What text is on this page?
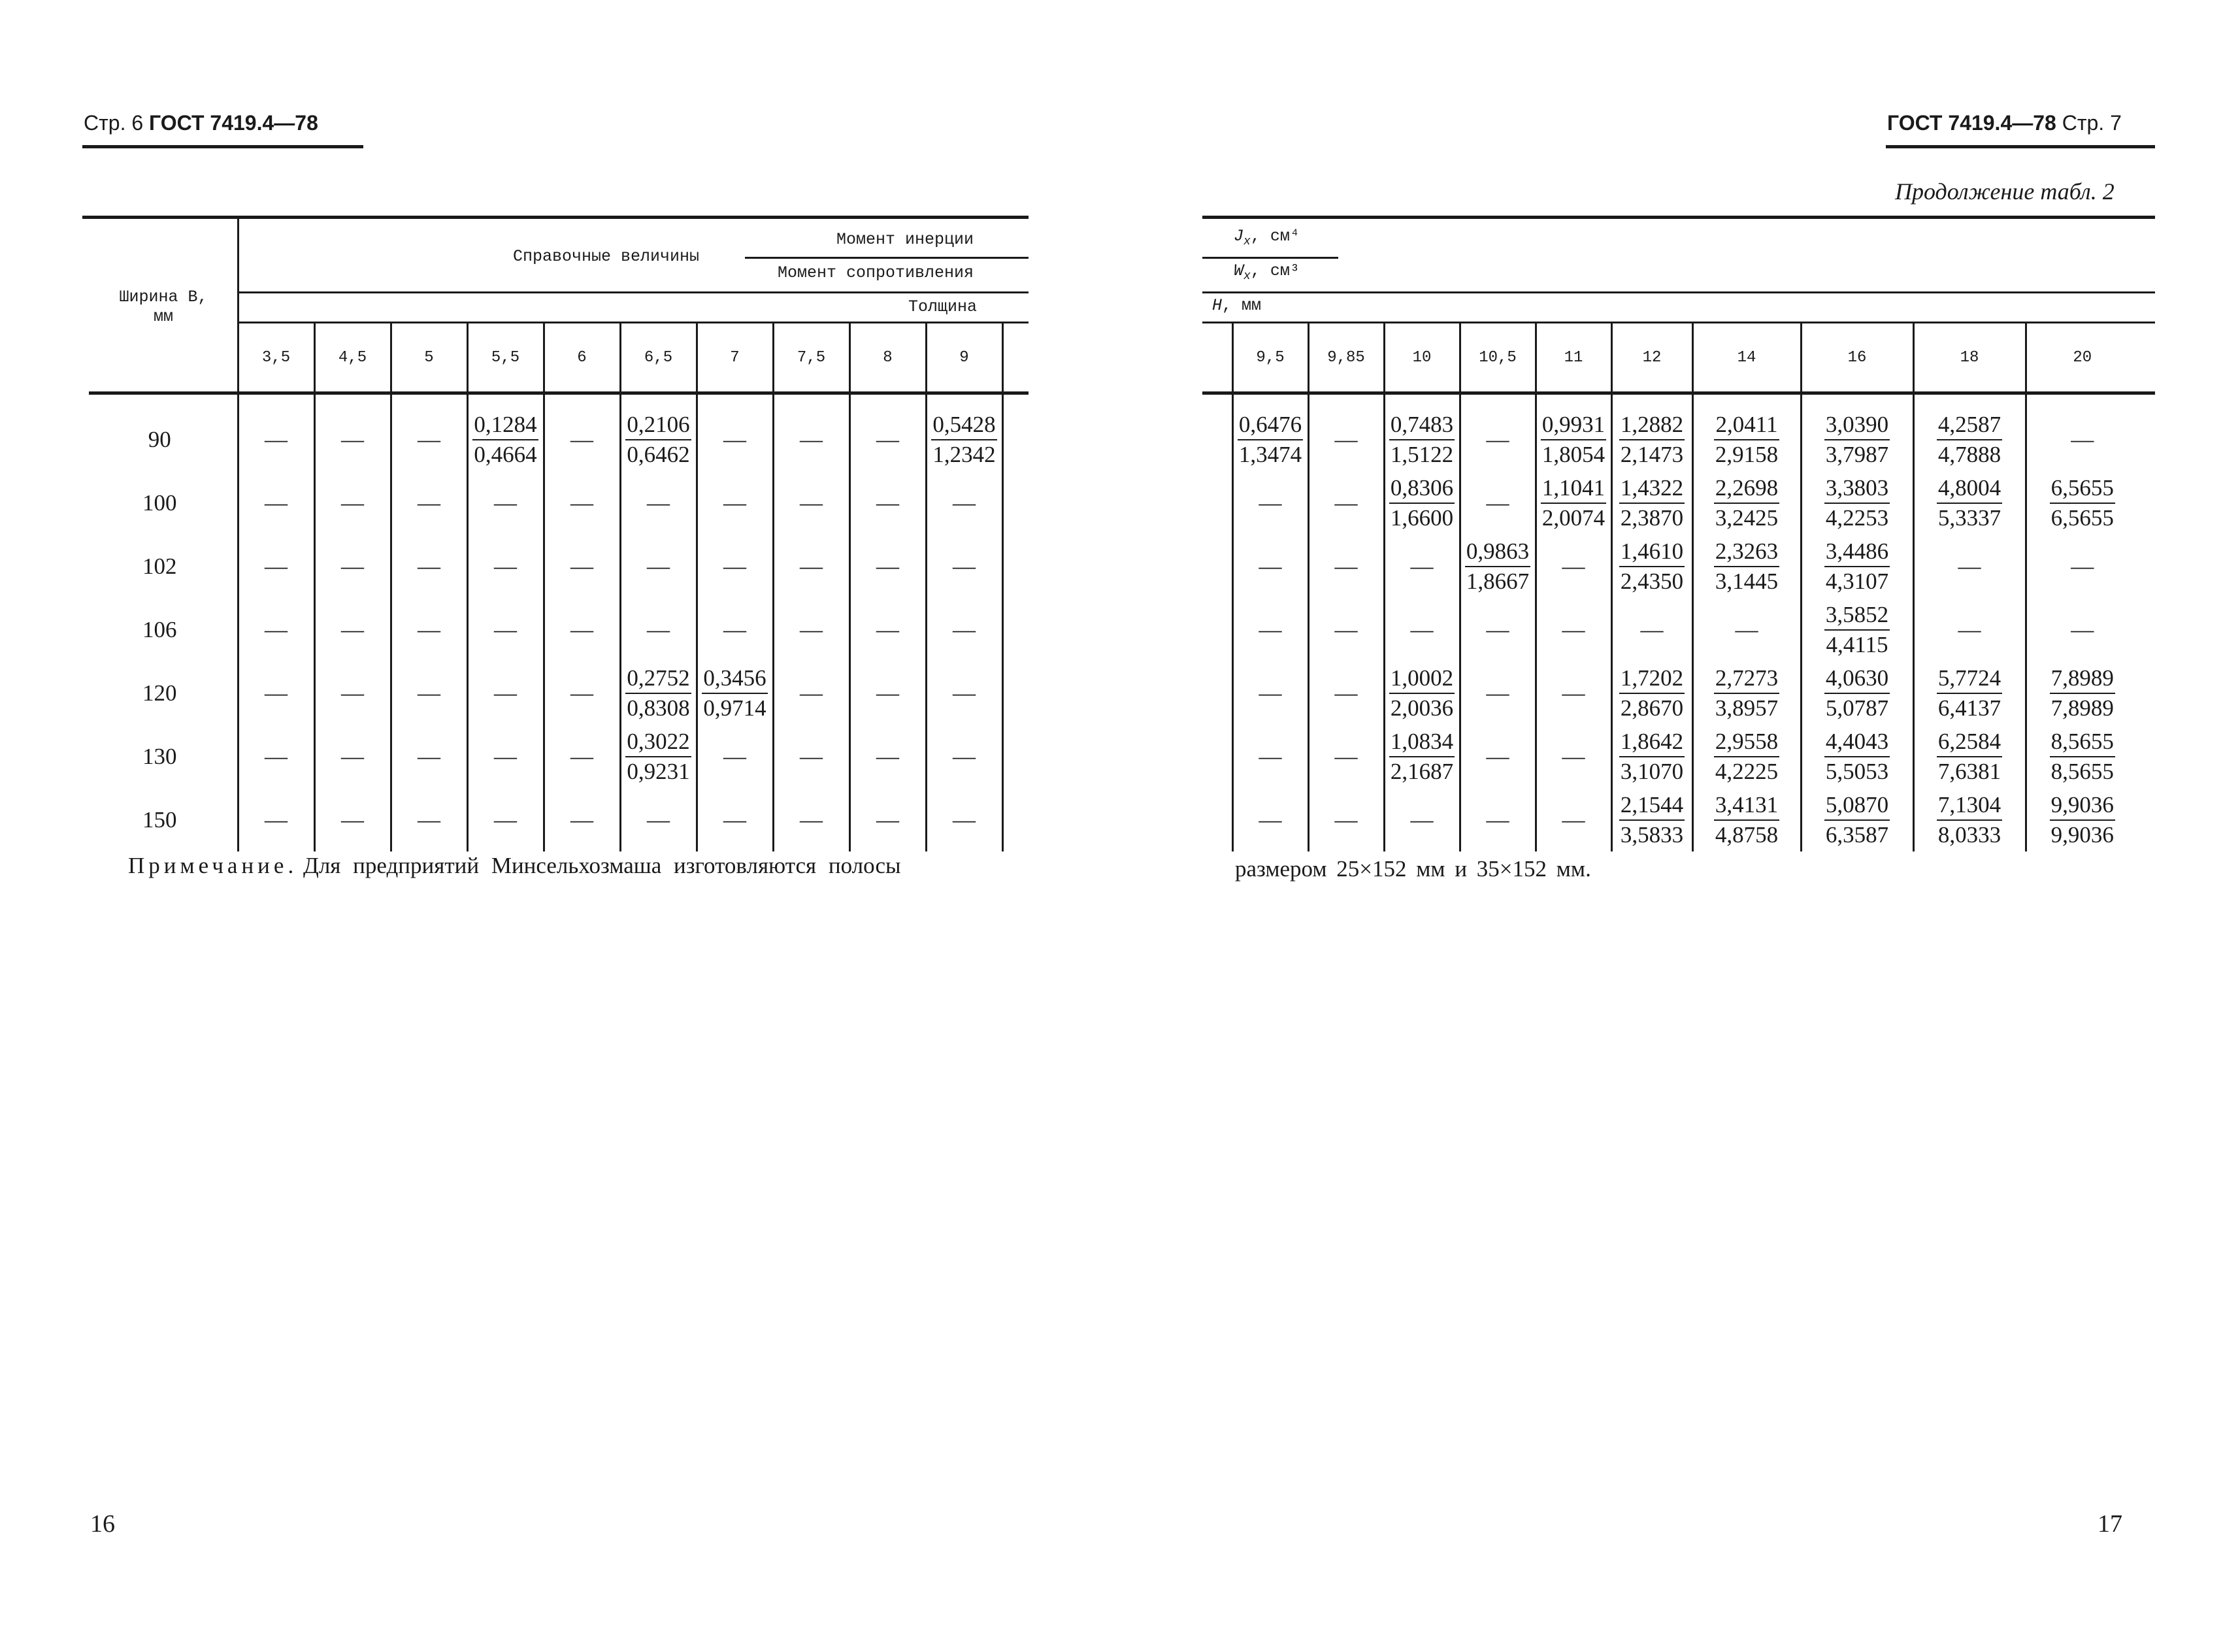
Стр. 6 ГОСТ 7419.4—78
Ширина В,
мм
Справочные величины
Момент инерции
Момент сопротивления
Толщина
	3,5	4,5	5	5,5	6	6,5	7	7,5	8	9	

90	—	—	—	$\frac{0,1284}{0,4664}$	—	$\frac{0,2106}{0,6462}$	—	—	—	$\frac{0,5428}{1,2342}$

100	—	—	—	—	—	—	—	—	—	—	

102	—	—	—	—	—	—	—	—	—	—	

106	—	—	—	—	—	—	—	—	—	—	

120	—	—	—	—	—	$\frac{0,2752}{0,8308}$	$\frac{0,3456}{0,9714}$	—	—	—	

130	—	—	—	—	—	$\frac{0,3022}{0,9231}$	—	—	—	—	

150	—	—	—	—	—	—	—	—	—	—	

Примечание. Для предприятий Минсельхозмаша изготовляются полосы
16
ГОСТ 7419.4—78 Стр. 7
Продолжение табл. 2
$J_x$, см⁴
$W_x$, см³
H, мм
	9,5	9,85	10	10,5	11	12	14	16	18	20	

	$\frac{0,6476}{1,3474}$	—	$\frac{0,7483}{1,5122}$	—	$\frac{0,9931}{1,8054}$	$\frac{1,2882}{2,1473}$	$\frac{2,0411}{2,9158}$	$\frac{3,0390}{3,7987}$	$\frac{4,2587}{4,7888}$	—	

	—	—	$\frac{0,8306}{1,6600}$	—	$\frac{1,1041}{2,0074}$	$\frac{1,4322}{2,3870}$	$\frac{2,2698}{3,2425}$	$\frac{3,3803}{4,2253}$	$\frac{4,8004}{5,3337}$	$\frac{6,5655}{6,5655}$

	—	—	—	$\frac{0,9863}{1,8667}$	—	$\frac{1,4610}{2,4350}$	$\frac{2,3263}{3,1445}$	$\frac{3,4486}{4,3107}$	—	—	

	—	—	—	—	—	—	—	$\frac{3,5852}{4,4115}$	—	—	

	—	—	$\frac{1,0002}{2,0036}$	—	—	$\frac{1,7202}{2,8670}$	$\frac{2,7273}{3,8957}$	$\frac{4,0630}{5,0787}$	$\frac{5,7724}{6,4137}$	$\frac{7,8989}{7,8989}$

	—	—	$\frac{1,0834}{2,1687}$	—	—	$\frac{1,8642}{3,1070}$	$\frac{2,9558}{4,2225}$	$\frac{4,4043}{5,5053}$	$\frac{6,2584}{7,6381}$	$\frac{8,5655}{8,5655}$

	—	—	—	—	—	$\frac{2,1544}{3,5833}$	$\frac{3,4131}{4,8758}$	$\frac{5,0870}{6,3587}$	$\frac{7,1304}{8,0333}$	$\frac{9,9036}{9,9036}$

размером 25×152 мм и 35×152 мм.
17
